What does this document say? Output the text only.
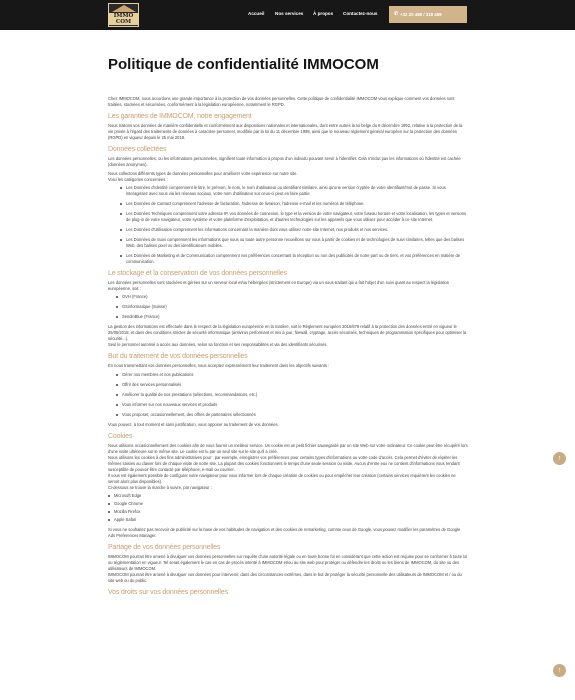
IMMO
COM
Accueil Nos services À propos Contactez-nous	✆ +32 20 488 / 318 469
Politique de confidentialité IMMOCOM

Chez IMMOCOM, nous accordons une grande importance à la protection de vos données personnelles. Cette politique de confidentialité IMMOCOM vous explique comment vos données sont traitées, stockées et sécurisées, conformément à la législation européenne, notamment le RGPD.

Les garanties de IMMOCOM, notre engagement

Nous traitons vos données de manière confidentielle et conformément aux dispositions nationales et internationales, dont entre autres la loi belge du 8 décembre 1992, relative à la protection de la vie privée à l'égard des traitements de données à caractère personnel, modifiée par la loi du 11 décembre 1998, ainsi que le nouveau règlement général européen sur la protection des données (RGPD) en vigueur depuis le 25 mai 2018.

Données collectées

Les données personnelles, ou les informations personnelles, signifient toute information à propos d'un individu pouvant servir à l'identifier. Cela n'inclut pas les informations où l'identité est cachée (données anonymes).

Nous collectons différents types de données personnelles pour améliorer votre expérience sur notre site.

Voici les catégories concernées :

Les Données d'Identité comprennent le titre, le prénom, le nom, le nom d'utilisateur ou identifiant similaire, ainsi qu'une version cryptée de votre identifiant/mot de passe. Si vous interagissez avec nous via les réseaux sociaux, votre nom d'utilisateur sur ceux-ci peut en faire partie.
Les Données de Contact comprennent l'adresse de facturation, l'adresse de livraison, l'adresse e-mail et les numéros de téléphone.
Les Données Techniques comprennent votre adresse IP, vos données de connexion, le type et la version de votre navigateur, votre fuseau horaire et votre localisation, les types et versions de plug-in de votre navigateur, votre système et votre plateforme d'exploitation, et d'autres technologies sur les appareils que vous utilisez pour accéder à ce site Internet.
Les Données d'Utilisation comprennent les informations concernant la manière dont vous utilisez notre site Internet, nos produits et nos services.
Les Données de Suivi comprennent les informations que nous ou toute autre personne recueillons sur vous à partir de cookies et de technologies de suivi similaires, telles que des balises Web, des balises pixel ou des identificateurs mobiles.
Les Données de Marketing et de Communication comprennent vos préférences concernant la réception ou non des publicités de notre part ou de tiers, et vos préférences en matière de communication.
Le stockage et la conservation de vos données personnelles

Les données personnelles sont stockées et gérées sur un serveur local et/ou hébergées (strictement en Europe) via un sous-traitant qui a fait l'objet d'un suivi quant au respect la législation européenne, soit :

OVH (France)
GSinformatique (Suisse)
SendinBlue (France)

La gestion des informations est effectuée dans le respect de la législation européenne en la matière, soit le Règlement européen 2016/679 relatif à la protection des données entré en vigueur le 25/05/2018, et dans des conditions strictes de sécurité informatique (antivirus performant et mis à jour, firewall, cryptage, accès sécurisés, techniques de programmation spécifiques pour optimiser la sécurité...).

Seul le personnel autorisé a accès aux données, selon sa fonction et ses responsabilités et via des identifiants sécurisés.

But du traitement de vos données personnelles

En nous transmettant vos données personnelles, vous acceptez expressément leur traitement dans les objectifs suivants :

Gérer nos membres et nos publications
Offrir des services personnalisés
Améliorer la qualité de nos prestations (sélections, recommandations, etc.)
Vous informer sur nos nouveaux services et produits
Vous proposer, occasionnellement, des offres de partenaires sélectionnés

Vous pouvez, à tout moment et sans justification, vous opposer au traitement de vos données.

Cookies

Nous utilisons occasionnellement des cookies afin de vous fournir un meilleur service. Un cookie est un petit fichier sauvegardé par un site Web sur votre ordinateur. Ce cookie peut être récupéré lors d'une visite ultérieure sur le même site. Le cookie est lu par un seul site sur le site qu'il a créé.

Nous utilisons les cookies à des fins administratives pour : par exemple, enregistrer vos préférences pour certains types d'informations ou votre code d'accès. Cela permet d'éviter de répéter les mêmes saisies au clavier lors de chaque visite de notre site. La plupart des cookies fonctionnent le temps d'une seule session ou visite. Aucun d'entre eux ne contient d'informations vous rendant susceptible de pouvoir être contacté par téléphone, e-mail ou courrier.

Il vous est également possible de configurer votre navigateur pour vous informer lors de chaque création de cookies ou pour empêcher leur création (certains services requièrent les cookies ne seront alors plus disponibles).

Ci-dessous se trouve la marche à suivre, par navigateur :

Microsoft Edge
Google Chrome
Mozilla Firefox
Apple Safari

Si vous ne souhaitez pas recevoir de publicité sur la base de vos habitudes de navigation et des cookies de remarketing, comme ceux de Google, vous pouvez modifier les paramètres de Google Ads Preferences Manager.

Partage de vos données personnelles

IMMOCOM pourrait être amené à divulguer vos données personnelles sur requête d'une autorité légale ou en toute bonne foi en considérant que cette action est requise pour se conformer à toute loi ou réglementation en vigueur. Tel serait également le cas en cas de procès intenté à IMMOCOM et/ou au site web pour protéger ou défendre les droits ou les biens de IMMOCOM, du site ou des utilisateurs de IMMOCOM.

IMMOCOM pourrait être amené à divulguer vos données pour intervenir, dans des circonstances extrêmes, dans le but de protéger la sécurité personnelle des utilisateurs de IMMOCOM et / ou du site web ou du public.

Vos droits sur vos données personnelles
↑
↑
